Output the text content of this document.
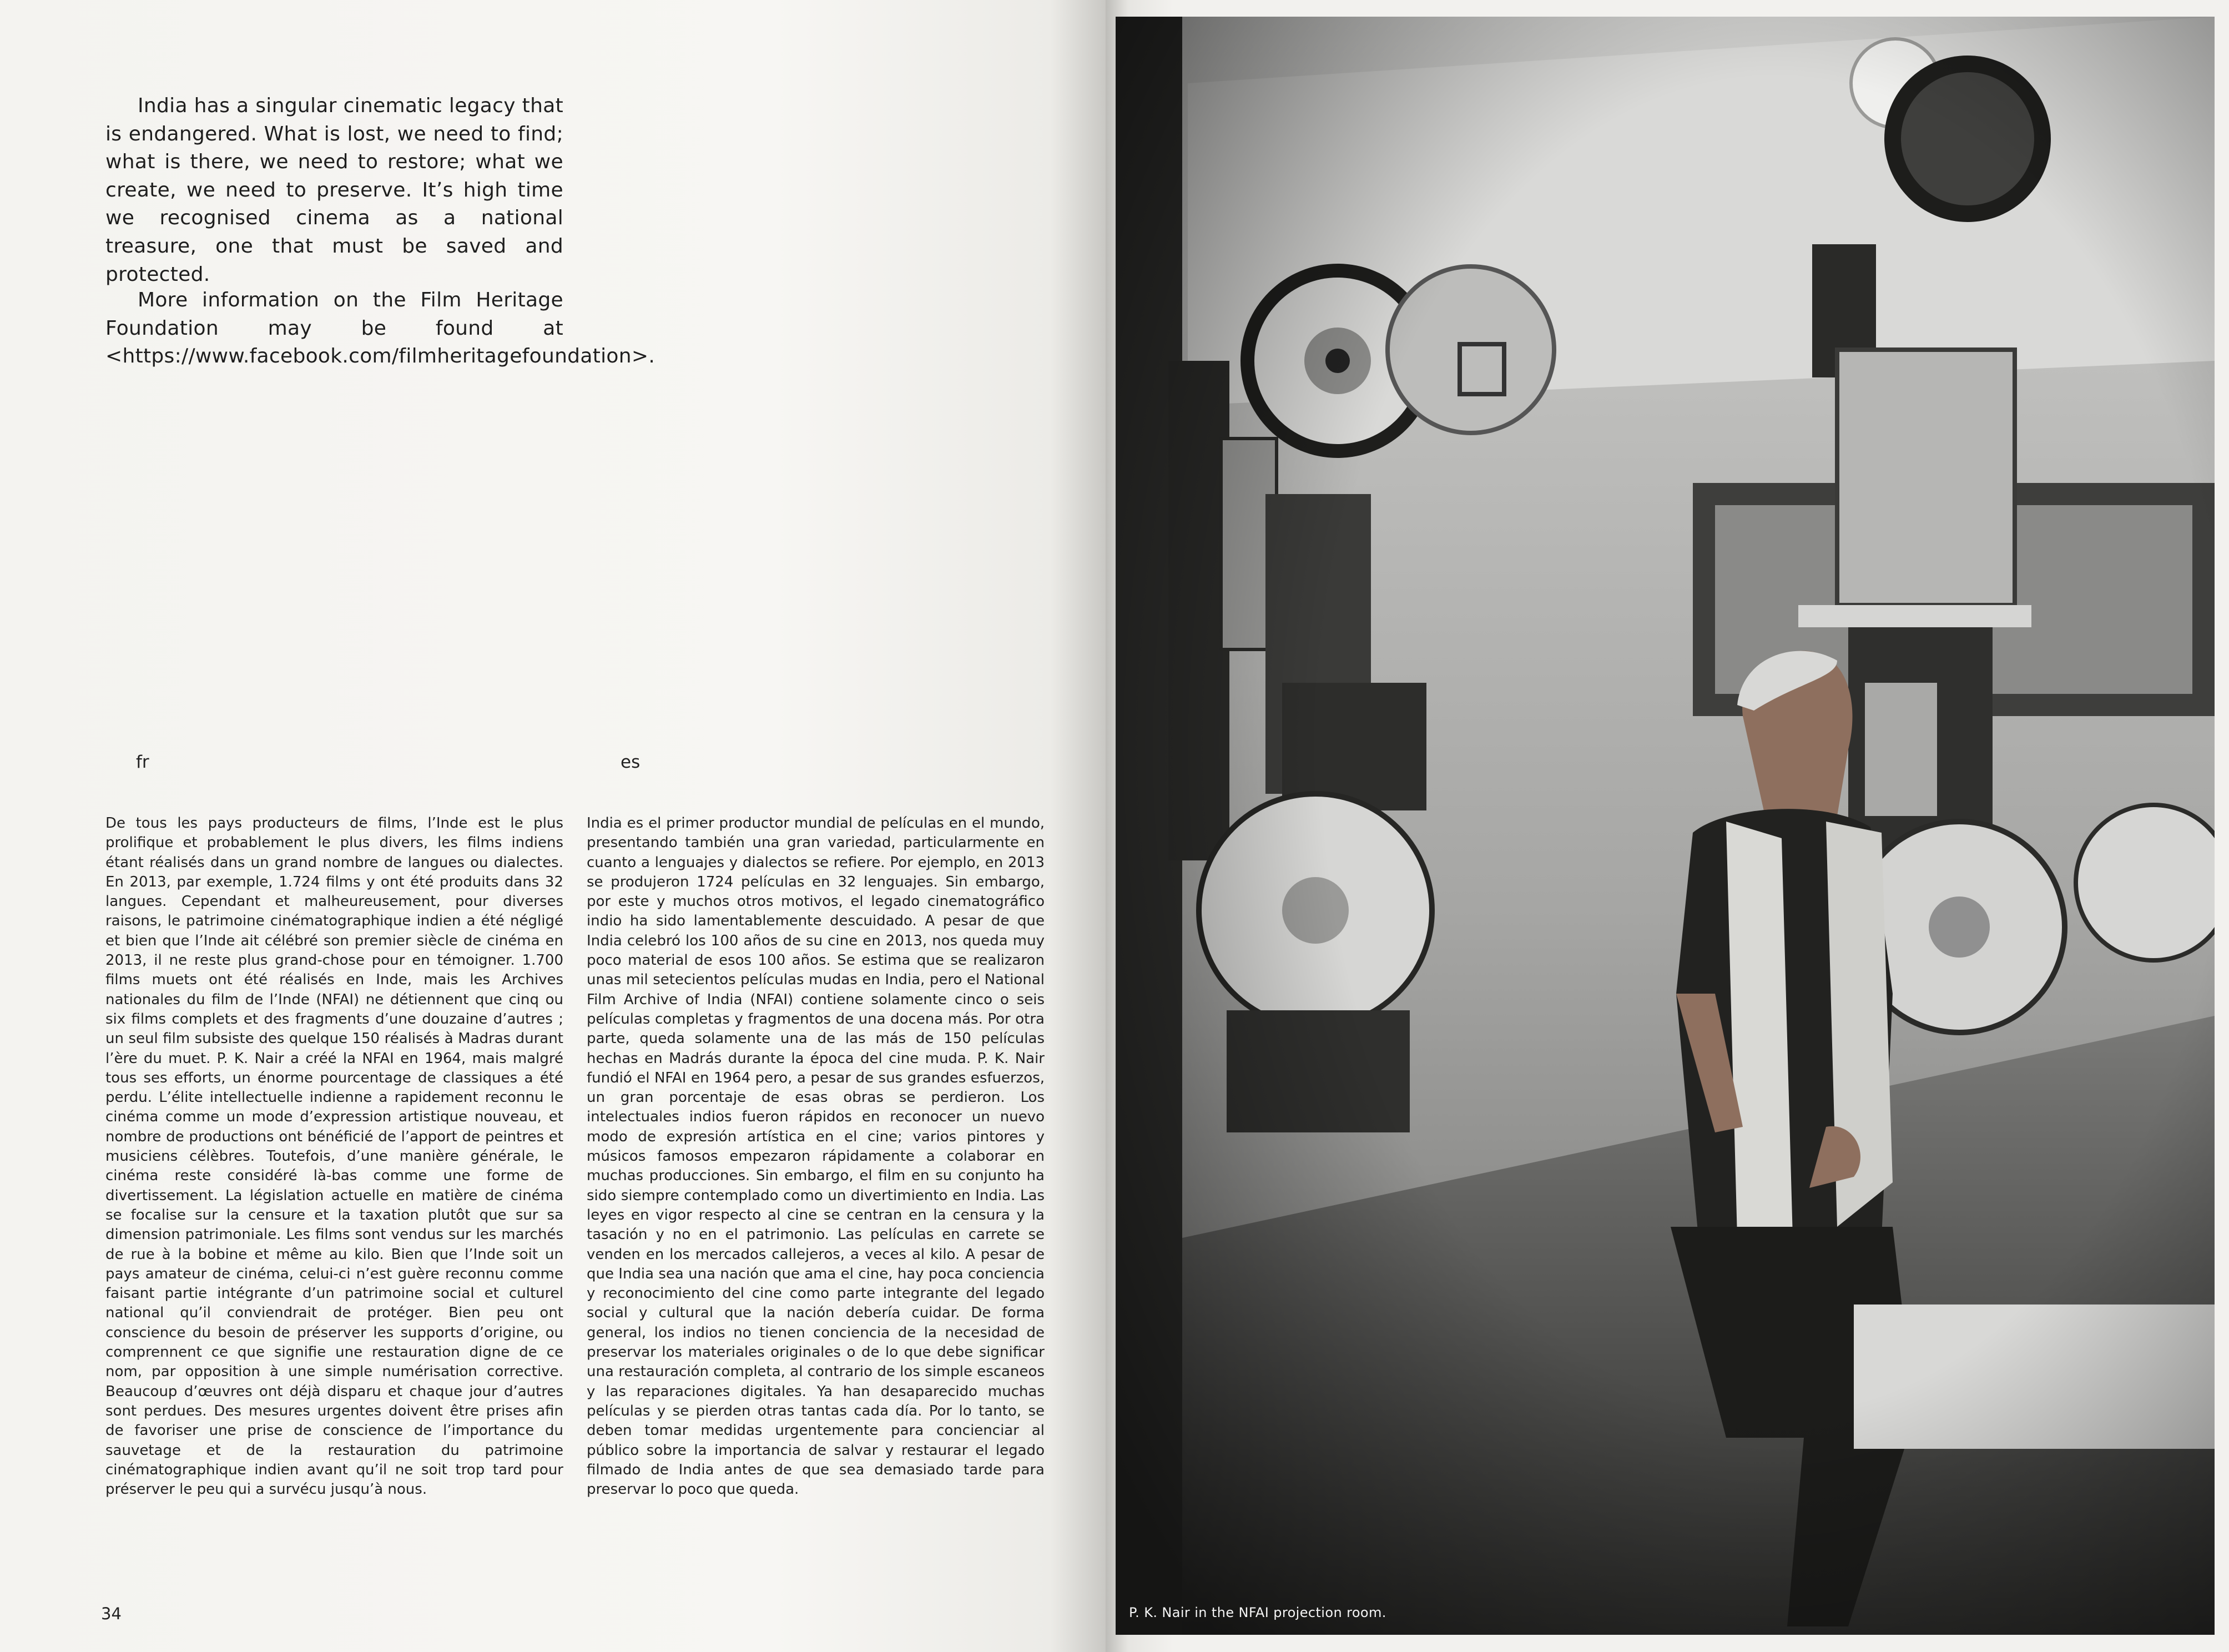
India has a singular cinematic legacy that is endangered. What is lost, we need to find; what is there, we need to restore; what we create, we need to preserve. It’s high time we recognised cinema as a national treasure, one that must be saved and protected.

More information on the Film Heritage Foundation may be found at <https://www.facebook.com/filmheritagefoundation>.

fr	es

De tous les pays producteurs de films, l’Inde est le plus prolifique et probablement le plus divers, les films indiens étant réalisés dans un grand nombre de langues ou dialectes. En 2013, par exemple, 1.724 films y ont été produits dans 32 langues. Cependant et malheureusement, pour diverses raisons, le patrimoine cinématographique indien a été négligé et bien que l’Inde ait célébré son premier siècle de cinéma en 2013, il ne reste plus grand-chose pour en témoigner. 1.700 films muets ont été réalisés en Inde, mais les Archives nationales du film de l’Inde (NFAI) ne détiennent que cinq ou six films complets et des fragments d’une douzaine d’autres ; un seul film subsiste des quelque 150 réalisés à Madras durant l’ère du muet. P. K. Nair a créé la NFAI en 1964, mais malgré tous ses efforts, un énorme pourcentage de classiques a été perdu. L’élite intellectuelle indienne a rapidement reconnu le cinéma comme un mode d’expression artistique nouveau, et nombre de productions ont bénéficié de l’apport de peintres et musiciens célèbres. Toutefois, d’une manière générale, le cinéma reste considéré là-bas comme une forme de divertissement. La législation actuelle en matière de cinéma se focalise sur la censure et la taxation plutôt que sur sa dimension patrimoniale. Les films sont vendus sur les marchés de rue à la bobine et même au kilo. Bien que l’Inde soit un pays amateur de cinéma, celui-ci n’est guère reconnu comme faisant partie intégrante d’un patrimoine social et culturel national qu’il conviendrait de protéger. Bien peu ont conscience du besoin de préserver les supports d’origine, ou comprennent ce que signifie une restauration digne de ce nom, par opposition à une simple numérisation corrective. Beaucoup d’œuvres ont déjà disparu et chaque jour d’autres sont perdues. Des mesures urgentes doivent être prises afin de favoriser une prise de conscience de l’importance du sauvetage et de la restauration du patrimoine cinématographique indien avant qu’il ne soit trop tard pour préserver le peu qui a survécu jusqu’à nous.

India es el primer productor mundial de películas en el mundo, presentando también una gran variedad, particularmente en cuanto a lenguajes y dialectos se refiere. Por ejemplo, en 2013 se produjeron 1724 películas en 32 lenguajes. Sin embargo, por este y muchos otros motivos, el legado cinematográfico indio ha sido lamentablemente descuidado. A pesar de que India celebró los 100 años de su cine en 2013, nos queda muy poco material de esos 100 años. Se estima que se realizaron unas mil setecientos películas mudas en India, pero el National Film Archive of India (NFAI) contiene solamente cinco o seis películas completas y fragmentos de una docena más. Por otra parte, queda solamente una de las más de 150 películas hechas en Madrás durante la época del cine muda. P. K. Nair fundió el NFAI en 1964 pero, a pesar de sus grandes esfuerzos, un gran porcentaje de esas obras se perdieron. Los intelectuales indios fueron rápidos en reconocer un nuevo modo de expresión artística en el cine; varios pintores y músicos famosos empezaron rápidamente a colaborar en muchas producciones. Sin embargo, el film en su conjunto ha sido siempre contemplado como un divertimiento en India. Las leyes en vigor respecto al cine se centran en la censura y la tasación y no en el patrimonio. Las películas en carrete se venden en los mercados callejeros, a veces al kilo. A pesar de que India sea una nación que ama el cine, hay poca conciencia y reconocimiento del cine como parte integrante del legado social y cultural que la nación debería cuidar. De forma general, los indios no tienen conciencia de la necesidad de preservar los materiales originales o de lo que debe significar una restauración completa, al contrario de los simple escaneos y las reparaciones digitales. Ya han desaparecido muchas películas y se pierden otras tantas cada día. Por lo tanto, se deben tomar medidas urgentemente para concienciar al público sobre la importancia de salvar y restaurar el legado filmado de India antes de que sea demasiado tarde para preservar lo poco que queda.

34	P. K. Nair in the NFAI projection room.
